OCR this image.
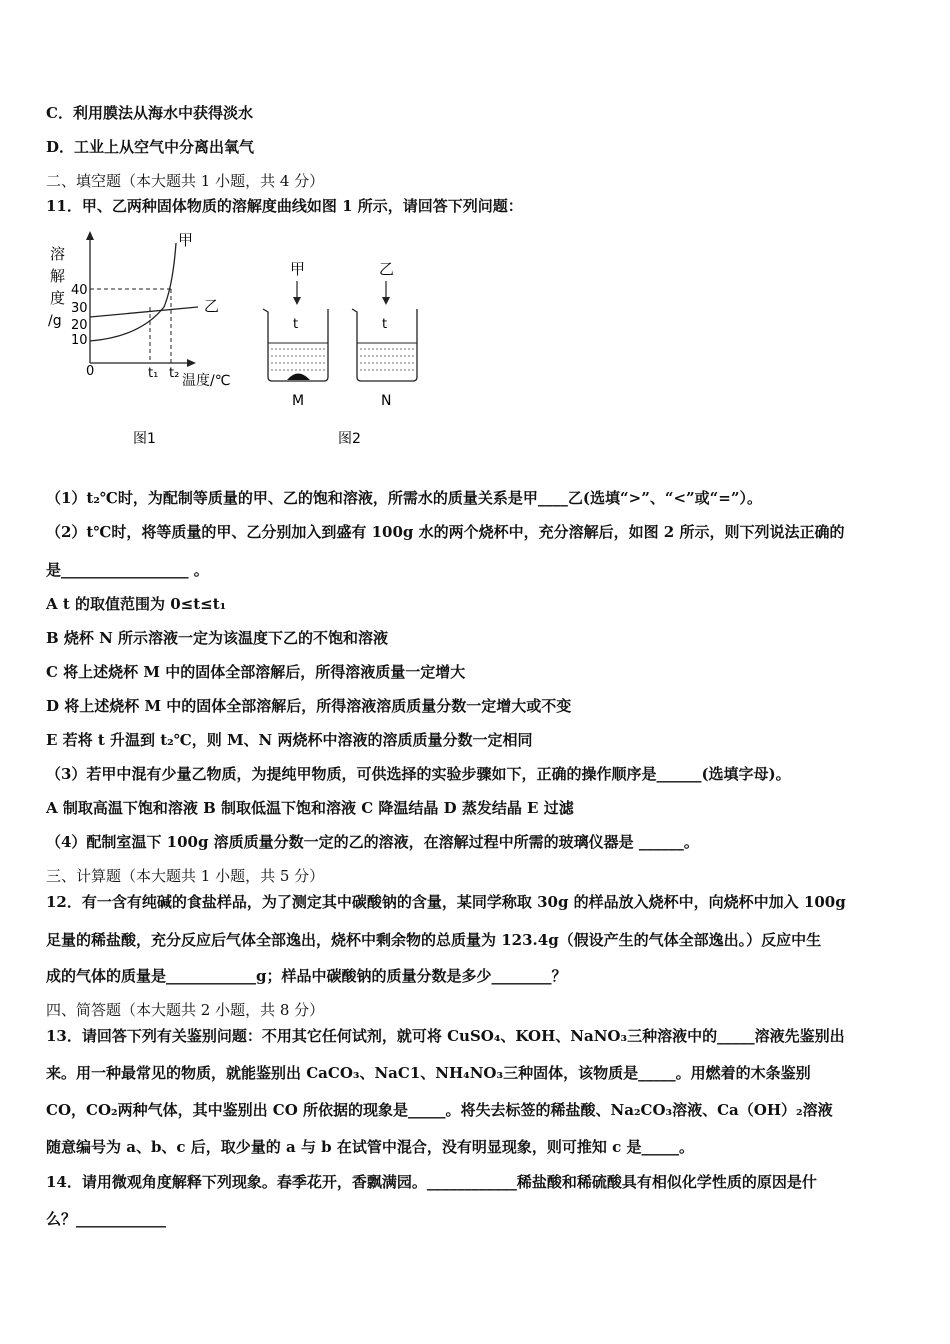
C．利用膜法从海水中获得淡水
D．工业上从空气中分离出氧气
二、填空题（本大题共 1 小题，共 4 分）
11．甲、乙两种固体物质的溶解度曲线如图 1 所示，请回答下列问题：
溶
解
度
/g
40
30
20
10
0
甲
乙
t₁ t₂ 温度/℃
图1
甲
t
M
乙
t
N
图2
（1）t₂℃时，为配制等质量的甲、乙的饱和溶液，所需水的质量关系是甲____乙(选填“>”、“<”或“=”）。
（2）t℃时，将等质量的甲、乙分别加入到盛有 100g 水的两个烧杯中，充分溶解后，如图 2 所示，则下列说法正确的
是_________________ 。
A t 的取值范围为 0≤t≤t₁
B 烧杯 N 所示溶液一定为该温度下乙的不饱和溶液
C 将上述烧杯 M 中的固体全部溶解后，所得溶液质量一定增大
D 将上述烧杯 M 中的固体全部溶解后，所得溶液溶质质量分数一定增大或不变
E 若将 t 升温到 t₂℃，则 M、N 两烧杯中溶液的溶质质量分数一定相同
（3）若甲中混有少量乙物质，为提纯甲物质，可供选择的实验步骤如下，正确的操作顺序是______(选填字母)。
A 制取高温下饱和溶液 B 制取低温下饱和溶液 C 降温结晶 D 蒸发结晶 E 过滤
（4）配制室温下 100g 溶质质量分数一定的乙的溶液，在溶解过程中所需的玻璃仪器是 ______。
三、计算题（本大题共 1 小题，共 5 分）
12．有一含有纯碱的食盐样品，为了测定其中碳酸钠的含量，某同学称取 30g 的样品放入烧杯中，向烧杯中加入 100g
足量的稀盐酸，充分反应后气体全部逸出，烧杯中剩余物的总质量为 123.4g（假设产生的气体全部逸出。）反应中生
成的气体的质量是____________g；样品中碳酸钠的质量分数是多少________？
四、简答题（本大题共 2 小题，共 8 分）
13．请回答下列有关鉴别问题：不用其它任何试剂，就可将 CuSO₄、KOH、NaNO₃三种溶液中的_____溶液先鉴别出
来。用一种最常见的物质，就能鉴别出 CaCO₃、NaC1、NH₄NO₃三种固体，该物质是_____。用燃着的木条鉴别
CO，CO₂两种气体，其中鉴别出 CO 所依据的现象是_____。将失去标签的稀盐酸、Na₂CO₃溶液、Ca（OH）₂溶液
随意编号为 a、b、c 后，取少量的 a 与 b 在试管中混合，没有明显现象，则可推知 c 是_____。
14．请用微观角度解释下列现象。春季花开，香飘满园。____________稀盐酸和稀硫酸具有相似化学性质的原因是什
么？____________
